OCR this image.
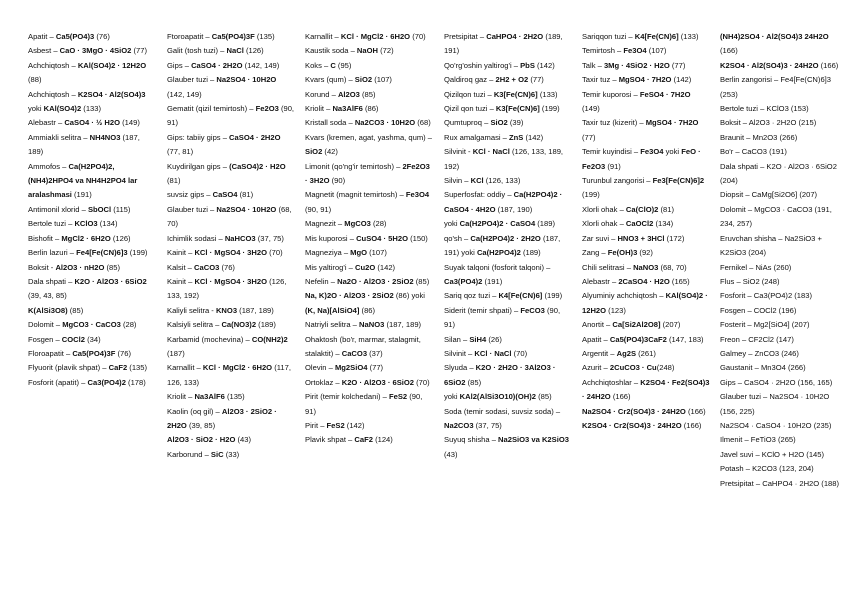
Apatit – Ca5(PO4)3 (76)

Asbest – CaO · 3MgO · 4SiO2 (77)

Achchiqtosh – KAl(SO4)2 · 12H2O (88)

Achchiqtosh – K2SO4 · Al2(SO4)3

yoki KAl(SO4)2 (133)

Alebastr – CaSO4 · ½ H2O (149)

Ammiakli selitra – NH4NO3 (187, 189)

Ammofos – Ca(H2PO4)2, (NH4)2HPO4 va NH4H2PO4 lar aralashmasi (191)

Antimonil xlorid – SbOCl (115)

Bertole tuzi – KClO3 (134)

Bishofit – MgCl2 · 6H2O (126)

Berlin lazuri – Fe4[Fe(CN)6]3 (199)

Boksit - Al2O3 · nH2O (85)

Dala shpati – K2O · Al2O3 · 6SiO2 (39, 43, 85)

K(AlSi3O8) (85)

Dolomit – MgCO3 · CaCO3 (28)

Fosgen – COCl2 (34)

Floroapatit – Ca5(PO4)3F (76)

Flyuorit (plavik shpat) – CaF2 (135)

Fosforit (apatit) – Ca3(PO4)2 (178)

Ftoroapatit – Ca5(PO4)3F (135)

Galit (tosh tuzi) – NaCl (126)

Gips – CaSO4 · 2H2O (142, 149)

Glauber tuzi – Na2SO4 · 10H2O (142, 149)

Gematit (qizil temirtosh) – Fe2O3 (90, 91)

Gips: tabiiy gips – CaSO4 · 2H2O (77, 81)

Kuydirilgan gips – (CaSO4)2 · H2O (81)

suvsiz gips – CaSO4 (81)

Glauber tuzi – Na2SO4 · 10H2O (68, 70)

Ichimlik sodasi – NaHCO3 (37, 75)

Kainit – KCl · MgSO4 · 3H2O (70)

Kalsit – CaCO3 (76)

Kainit – KCl · MgSO4 · 3H2O (126, 133, 192)

Kaliyli selitra - KNO3 (187, 189)

Kalsiyli selitra – Ca(NO3)2 (189)

Karbamid (mochevina) – CO(NH2)2 (187)

Karnallit – KCl · MgCl2 · 6H2O (117, 126, 133)

Kriolit – Na3AlF6 (135)

Kaolin (oq gil) – Al2O3 · 2SiO2 · 2H2O (39, 85)

Al2O3 · SiO2 · H2O (43)

Karborund – SiC (33)

Karnallit – KCl · MgCl2 · 6H2O (70)

Kaustik soda – NaOH (72)

Koks – C (95)

Kvars (qum) – SiO2 (107)

Korund – Al2O3 (85)

Kriolit – Na3AlF6 (86)

Kristall soda – Na2CO3 · 10H2O (68)

Kvars (kremen, agat, yashma, qum) – SiO2 (42)

Limonit (qo'ng'ir temirtosh) – 2Fe2O3 · 3H2O (90)

Magnetit (magnit temirtosh) – Fe3O4 (90, 91)

Magnezit – MgCO3 (28)

Mis kuporosi – CuSO4 · 5H2O (150)

Magneziya – MgO (107)

Mis yaltirog'i – Cu2O (142)

Nefelin – Na2O · Al2O3 · 2SiO2 (85)

Na, K)2O · Al2O3 · 2SiO2 (86) yoki

(K, Na)[AlSiO4] (86)

Natriyli selitra – NaNO3 (187, 189)

Ohaktosh (bo'r, marmar, stalagmit, stalaktit) – CaCO3 (37)

Olevin – Mg2SiO4 (77)

Ortoklaz – K2O · Al2O3 · 6SiO2 (70)

Pirit (temir kolchedani) – FeS2 (90, 91)

Pirit – FeS2 (142)

Plavik shpat – CaF2 (124)

Pretsipitat – CaHPO4 · 2H2O (189, 191)

Qo'rg'oshin yaltirog'i – PbS (142)

Qaldiroq gaz – 2H2 + O2 (77)

Qizilqon tuzi – K3[Fe(CN)6] (133)

Qizil qon tuzi – K3[Fe(CN)6] (199)

Qumtuproq – SiO2 (39)

Rux amalgamasi – ZnS (142)

Silvinit - KCl · NaCl (126, 133, 189, 192)

Silvin – KCl (126, 133)

Superfosfat: oddiy – Ca(H2PO4)2 · CaSO4 · 4H2O (187, 190)

yoki Ca(H2PO4)2 · CaSO4 (189)

qo'sh – Ca(H2PO4)2 · 2H2O (187, 191) yoki Ca(H2PO4)2 (189)

Suyak talqoni (fosforit talqoni) – Ca3(PO4)2 (191)

Sariq qoz tuzi – K4[Fe(CN)6] (199)

Siderit (temir shpati) – FeCO3 (90, 91)

Silan – SiH4 (26)

Silvinit – KCl · NaCl (70)

Slyuda – K2O · 2H2O · 3Al2O3 · 6SiO2 (85)

yoki KAl2(AlSi3O10)(OH)2 (85)

Soda (temir sodasi, suvsiz soda) – Na2CO3 (37, 75)

Suyuq shisha – Na2SiO3 va K2SiO3 (43)

Sariqqon tuzi – K4[Fe(CN)6] (133)

Temirtosh – Fe3O4 (107)

Talk – 3Mg · 4SiO2 · H2O (77)

Taxir tuz – MgSO4 · 7H2O (142)

Temir kuporosi – FeSO4 · 7H2O (149)

Taxir tuz (kizerit) – MgSO4 · 7H2O (77)

Temir kuyindisi – Fe3O4 yoki FeO · Fe2O3 (91)

Turunbul zangorisi – Fe3[Fe(CN)6]2 (199)

Xlorli ohak – Ca(ClO)2 (81)

Xlorli ohak – CaOCl2 (134)

Zar suvi – HNO3 + 3HCl (172)

Zang – Fe(OH)3 (92)

Chili selitrasi – NaNO3 (68, 70)

Alebastr – 2CaSO4 · H2O (165)

Alyuminiy achchiqtosh – KAl(SO4)2 · 12H2O (123)

Anortit – Ca[Si2Al2O8] (207)

Apatit – Ca5(PO4)3CaF2 (147, 183)

Argentit – Ag2S (261)

Azurit – 2CuCO3 · Cu(248)

Achchiqtoshlar – K2SO4 · Fe2(SO4)3 · 24H2O (166)

Na2SO4 · Cr2(SO4)3 · 24H2O (166)

K2SO4 · Cr2(SO4)3 · 24H2O (166)

(NH4)2SO4 · Al2(SO4)3 24H2O (166)

K2SO4 · Al2(SO4)3 · 24H2O (166)

Berlin zangorisi – Fe4[Fe(CN)6]3 (253)

Bertole tuzi – KClO3 (153)

Boksit – Al2O3 · 2H2O (215)

Braunit – Mn2O3 (266)

Bo'r – CaCO3 (191)

Dala shpati – K2O · Al2O3 · 6SiO2 (204)

Diopsit – CaMg[Si2O6] (207)

Dolomit – MgCO3 · CaCO3 (191, 234, 257)

Eruvchan shisha – Na2SiO3 + K2SiO3 (204)

Fernikel – NiAs (260)

Flus – SiO2 (248)

Fosforit – Ca3(PO4)2 (183)

Fosgen – COCl2 (196)

Fosterit – Mg2[SiO4] (207)

Freon – CF2Cl2 (147)

Galmey – ZnCO3 (246)

Gaustanit – Mn3O4 (266)

Gips – CaSO4 · 2H2O (156, 165)

Glauber tuzi – Na2SO4 · 10H2O (156, 225)

Na2SO4 · CaSO4 · 10H2O (235)

Ilmenit – FeTiO3 (265)

Javel suvi – KClO + H2O (145)

Potash – K2CO3 (123, 204)

Pretsipitat – CaHPO4 · 2H2O (188)
